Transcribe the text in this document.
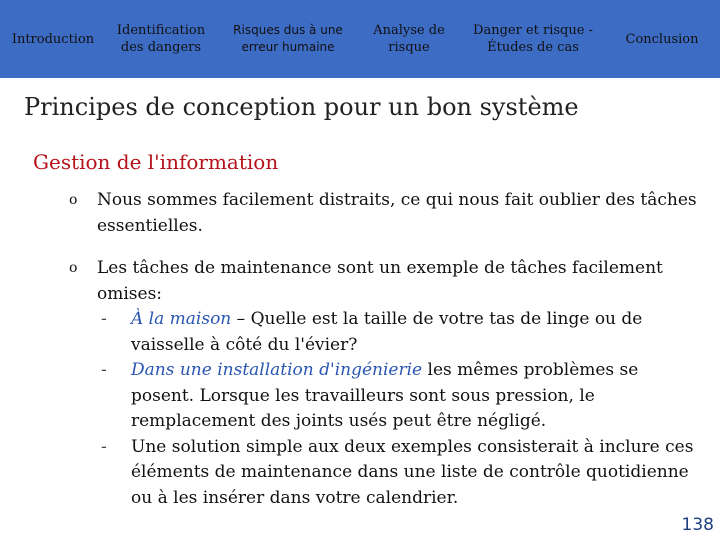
Introduction
Identification des dangers
Risques dus à une erreur humaine
Analyse de risque
Danger et risque - Études de cas
Conclusion
Principes de conception pour un bon système
Gestion de l'information
o Nous sommes facilement distraits, ce qui nous fait oublier des tâches essentielles.
o Les tâches de maintenance sont un exemple de tâches facilement omises:
- À la maison – Quelle est la taille de votre tas de linge ou de vaisselle à côté du l'évier?
- Dans une installation d'ingénierie les mêmes problèmes se posent. Lorsque les travailleurs sont sous pression, le remplacement des joints usés peut être négligé.
- Une solution simple aux deux exemples consisterait à inclure ces éléments de maintenance dans une liste de contrôle quotidienne ou à les insérer dans votre calendrier.
138
